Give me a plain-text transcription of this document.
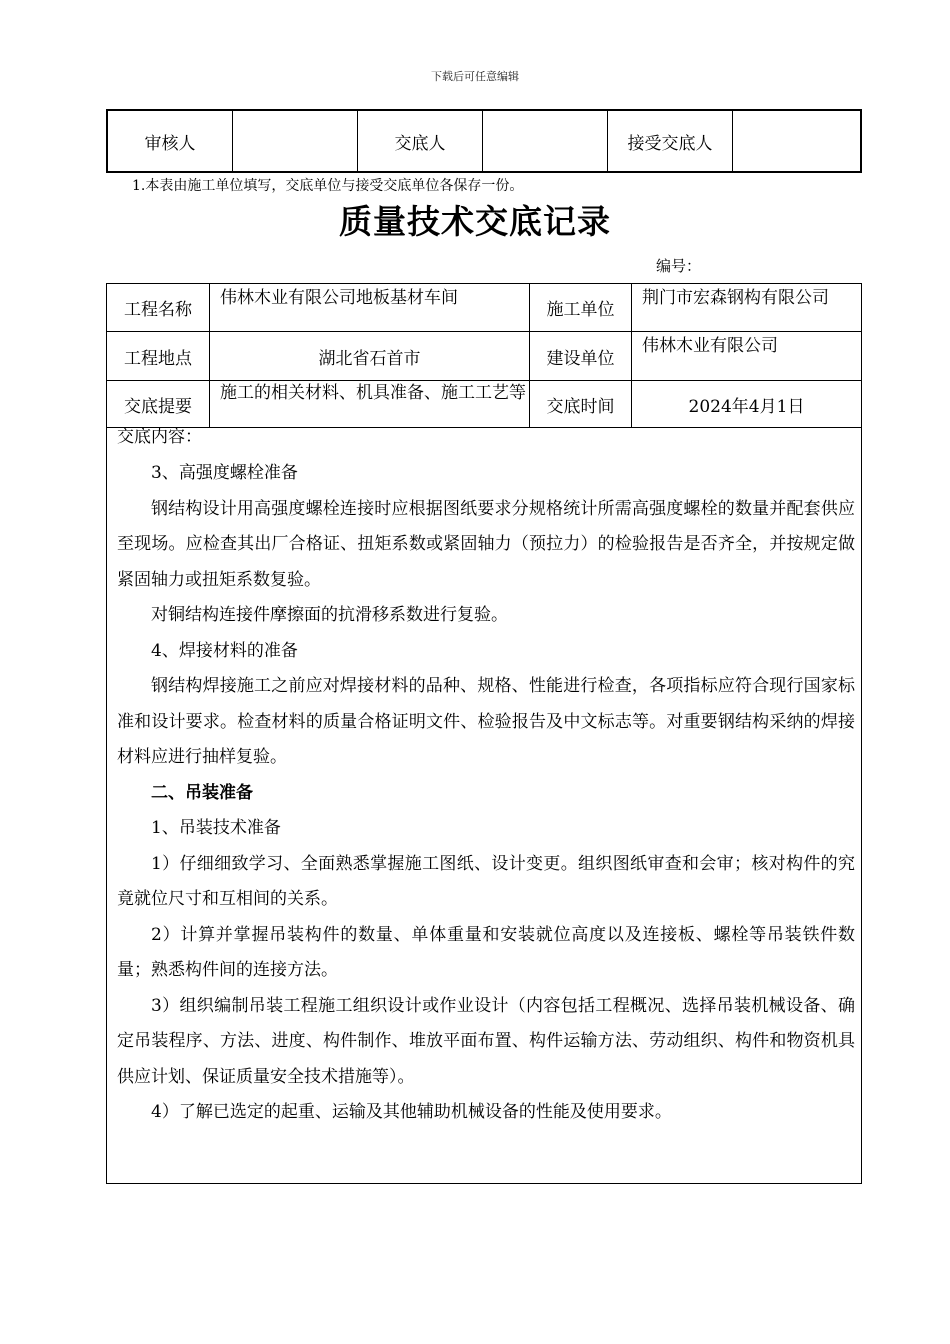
下载后可任意编辑
审核人		交底人		接受交底人	
1.本表由施工单位填写，交底单位与接受交底单位各保存一份。
质量技术交底记录
编号：
工程名称	伟林木业有限公司地板基材车间	施工单位	荆门市宏森钢构有限公司
工程地点	湖北省石首市	建设单位	伟林木业有限公司
交底提要	施工的相关材料、机具准备、施工工艺等	交底时间	2024年4月1日
交底内容：

3、高强度螺栓准备

钢结构设计用高强度螺栓连接时应根据图纸要求分规格统计所需高强度螺栓的数量并配套供应至现场。应检查其出厂合格证、扭矩系数或紧固轴力（预拉力）的检验报告是否齐全，并按规定做紧固轴力或扭矩系数复验。

对铜结构连接件摩擦面的抗滑移系数进行复验。

4、焊接材料的准备

钢结构焊接施工之前应对焊接材料的品种、规格、性能进行检查，各项指标应符合现行国家标准和设计要求。检查材料的质量合格证明文件、检验报告及中文标志等。对重要钢结构采纳的焊接材料应进行抽样复验。

二、吊装准备

1、吊装技术准备

1）仔细细致学习、全面熟悉掌握施工图纸、设计变更。组织图纸审查和会审；核对构件的究竟就位尺寸和互相间的关系。

2）计算并掌握吊装构件的数量、单体重量和安装就位高度以及连接板、螺栓等吊装铁件数量；熟悉构件间的连接方法。

3）组织编制吊装工程施工组织设计或作业设计（内容包括工程概况、选择吊装机械设备、确定吊装程序、方法、进度、构件制作、堆放平面布置、构件运输方法、劳动组织、构件和物资机具供应计划、保证质量安全技术措施等）。

4）了解已选定的起重、运输及其他辅助机械设备的性能及使用要求。
